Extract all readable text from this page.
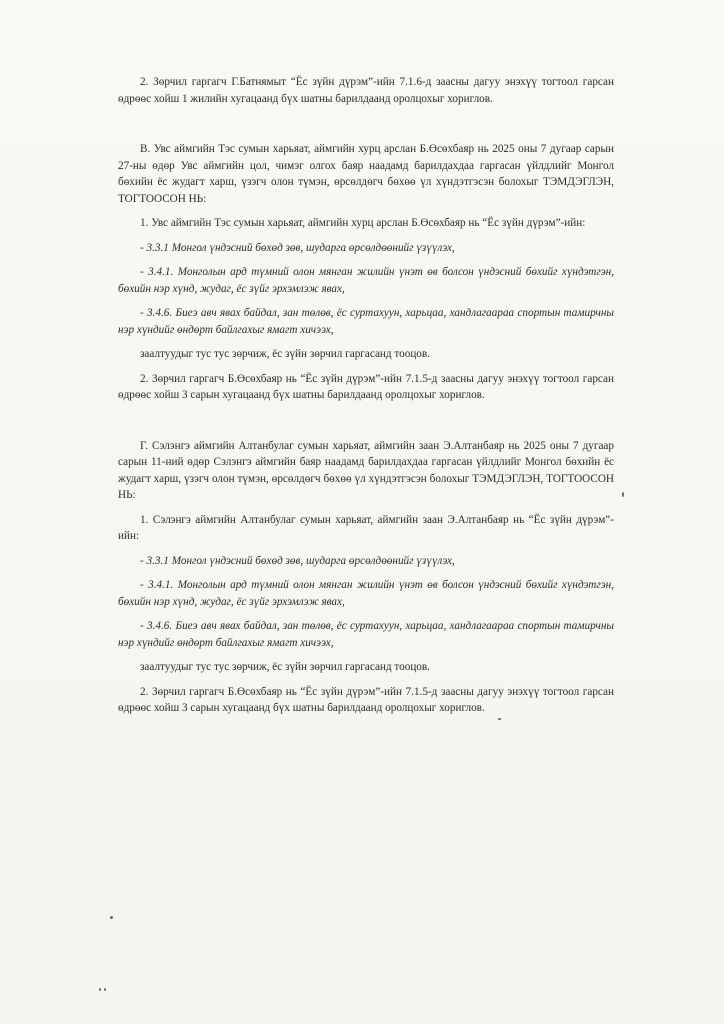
2. Зөрчил гаргагч Г.Батнямыт “Ёс зүйн дүрэм”-ийн 7.1.6-д заасны дагуу энэхүү тогтоол гарсан өдрөөс хойш 1 жилийн хугацаанд бүх шатны барилдаанд оролцохыг хориглов.

В. Увс аймгийн Тэс сумын харьяат, аймгийн хурц арслан Б.Өсөхбаяр нь 2025 оны 7 дугаар сарын 27-ны өдөр Увс аймгийн цол, чимэг олгох баяр наадамд барилдахдаа гаргасан үйлдлийг Монгол бөхийн ёс жудагт харш, үзэгч олон түмэн, өрсөлдөгч бөхөө үл хүндэтгэсэн болохыг ТЭМДЭГЛЭН, ТОГТООСОН НЬ:

1. Увс аймгийн Тэс сумын харьяат, аймгийн хурц арслан Б.Өсөхбаяр нь “Ёс зүйн дүрэм”-ийн:

- 3.3.1 Монгол үндэсний бөхөд зөв, шударга өрсөлдөөнийг үзүүлэх,

- 3.4.1. Монголын ард түмний олон мянган жилийн үнэт өв болсон үндэсний бөхийг хүндэтгэн, бөхийн нэр хүнд, жудаг, ёс зүйг эрхэмлэж явах,

- 3.4.6. Биеэ авч явах байдал, зан төлөв, ёс суртахуун, харьцаа, хандлагаараа спортын тамирчны нэр хүндийг өндөрт байлгахыг ямагт хичээх,

заалтуудыг тус тус зөрчиж, ёс зүйн зөрчил гаргасанд тооцов.

2. Зөрчил гаргагч Б.Өсөхбаяр нь “Ёс зүйн дүрэм”-ийн 7.1.5-д заасны дагуу энэхүү тогтоол гарсан өдрөөс хойш 3 сарын хугацаанд бүх шатны барилдаанд оролцохыг хориглов.

Г. Сэлэнгэ аймгийн Алтанбулаг сумын харьяат, аймгийн заан Э.Алтанбаяр нь 2025 оны 7 дугаар сарын 11-ний өдөр Сэлэнгэ аймгийн баяр наадамд барилдахдаа гаргасан үйлдлийг Монгол бөхийн ёс жудагт харш, үзэгч олон түмэн, өрсөлдөгч бөхөө үл хүндэтгэсэн болохыг ТЭМДЭГЛЭН, ТОГТООСОН НЬ:

1. Сэлэнгэ аймгийн Алтанбулаг сумын харьяат, аймгийн заан Э.Алтанбаяр нь “Ёс зүйн дүрэм”-ийн:

- 3.3.1 Монгол үндэсний бөхөд зөв, шударга өрсөлдөөнийг үзүүлэх,

- 3.4.1. Монголын ард түмний олон мянган жилийн үнэт өв болсон үндэсний бөхийг хүндэтгэн, бөхийн нэр хүнд, жудаг, ёс зүйг эрхэмлэж явах,

- 3.4.6. Биеэ авч явах байдал, зан төлөв, ёс суртахуун, харьцаа, хандлагаараа спортын тамирчны нэр хүндийг өндөрт байлгахыг ямагт хичээх,

заалтуудыг тус тус зөрчиж, ёс зүйн зөрчил гаргасанд тооцов.

2. Зөрчил гаргагч Б.Өсөхбаяр нь “Ёс зүйн дүрэм”-ийн 7.1.5-д заасны дагуу энэхүү тогтоол гарсан өдрөөс хойш 3 сарын хугацаанд бүх шатны барилдаанд оролцохыг хориглов.
